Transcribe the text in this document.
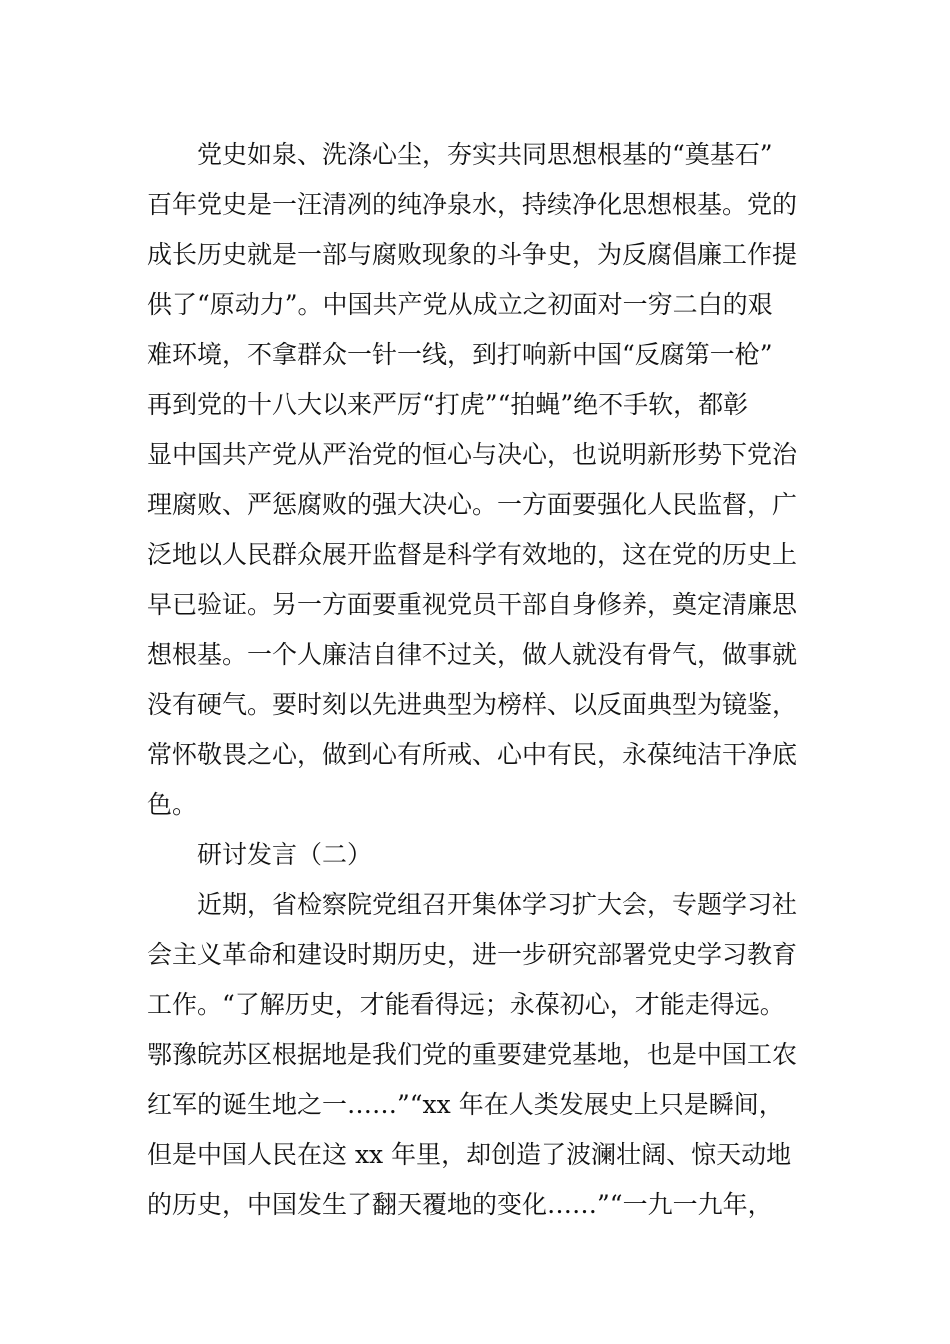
党史如泉、洗涤心尘，夯实共同思想根基的“奠基石”
百年党史是一汪清冽的纯净泉水，持续净化思想根基。党的
成长历史就是一部与腐败现象的斗争史，为反腐倡廉工作提
供了“原动力”。中国共产党从成立之初面对一穷二白的艰
难环境，不拿群众一针一线，到打响新中国“反腐第一枪”
再到党的十八大以来严厉“打虎”“拍蝇”绝不手软，都彰
显中国共产党从严治党的恒心与决心，也说明新形势下党治
理腐败、严惩腐败的强大决心。一方面要强化人民监督，广
泛地以人民群众展开监督是科学有效地的，这在党的历史上
早已验证。另一方面要重视党员干部自身修养，奠定清廉思
想根基。一个人廉洁自律不过关，做人就没有骨气，做事就
没有硬气。要时刻以先进典型为榜样、以反面典型为镜鉴，
常怀敬畏之心，做到心有所戒、心中有民，永葆纯洁干净底
色。
研讨发言（二）
近期，省检察院党组召开集体学习扩大会，专题学习社
会主义革命和建设时期历史，进一步研究部署党史学习教育
工作。“了解历史，才能看得远；永葆初心，才能走得远。
鄂豫皖苏区根据地是我们党的重要建党基地，也是中国工农
红军的诞生地之一……”“xx 年在人类发展史上只是瞬间，
但是中国人民在这 xx 年里，却创造了波澜壮阔、惊天动地
的历史，中国发生了翻天覆地的变化……”“一九一九年，
